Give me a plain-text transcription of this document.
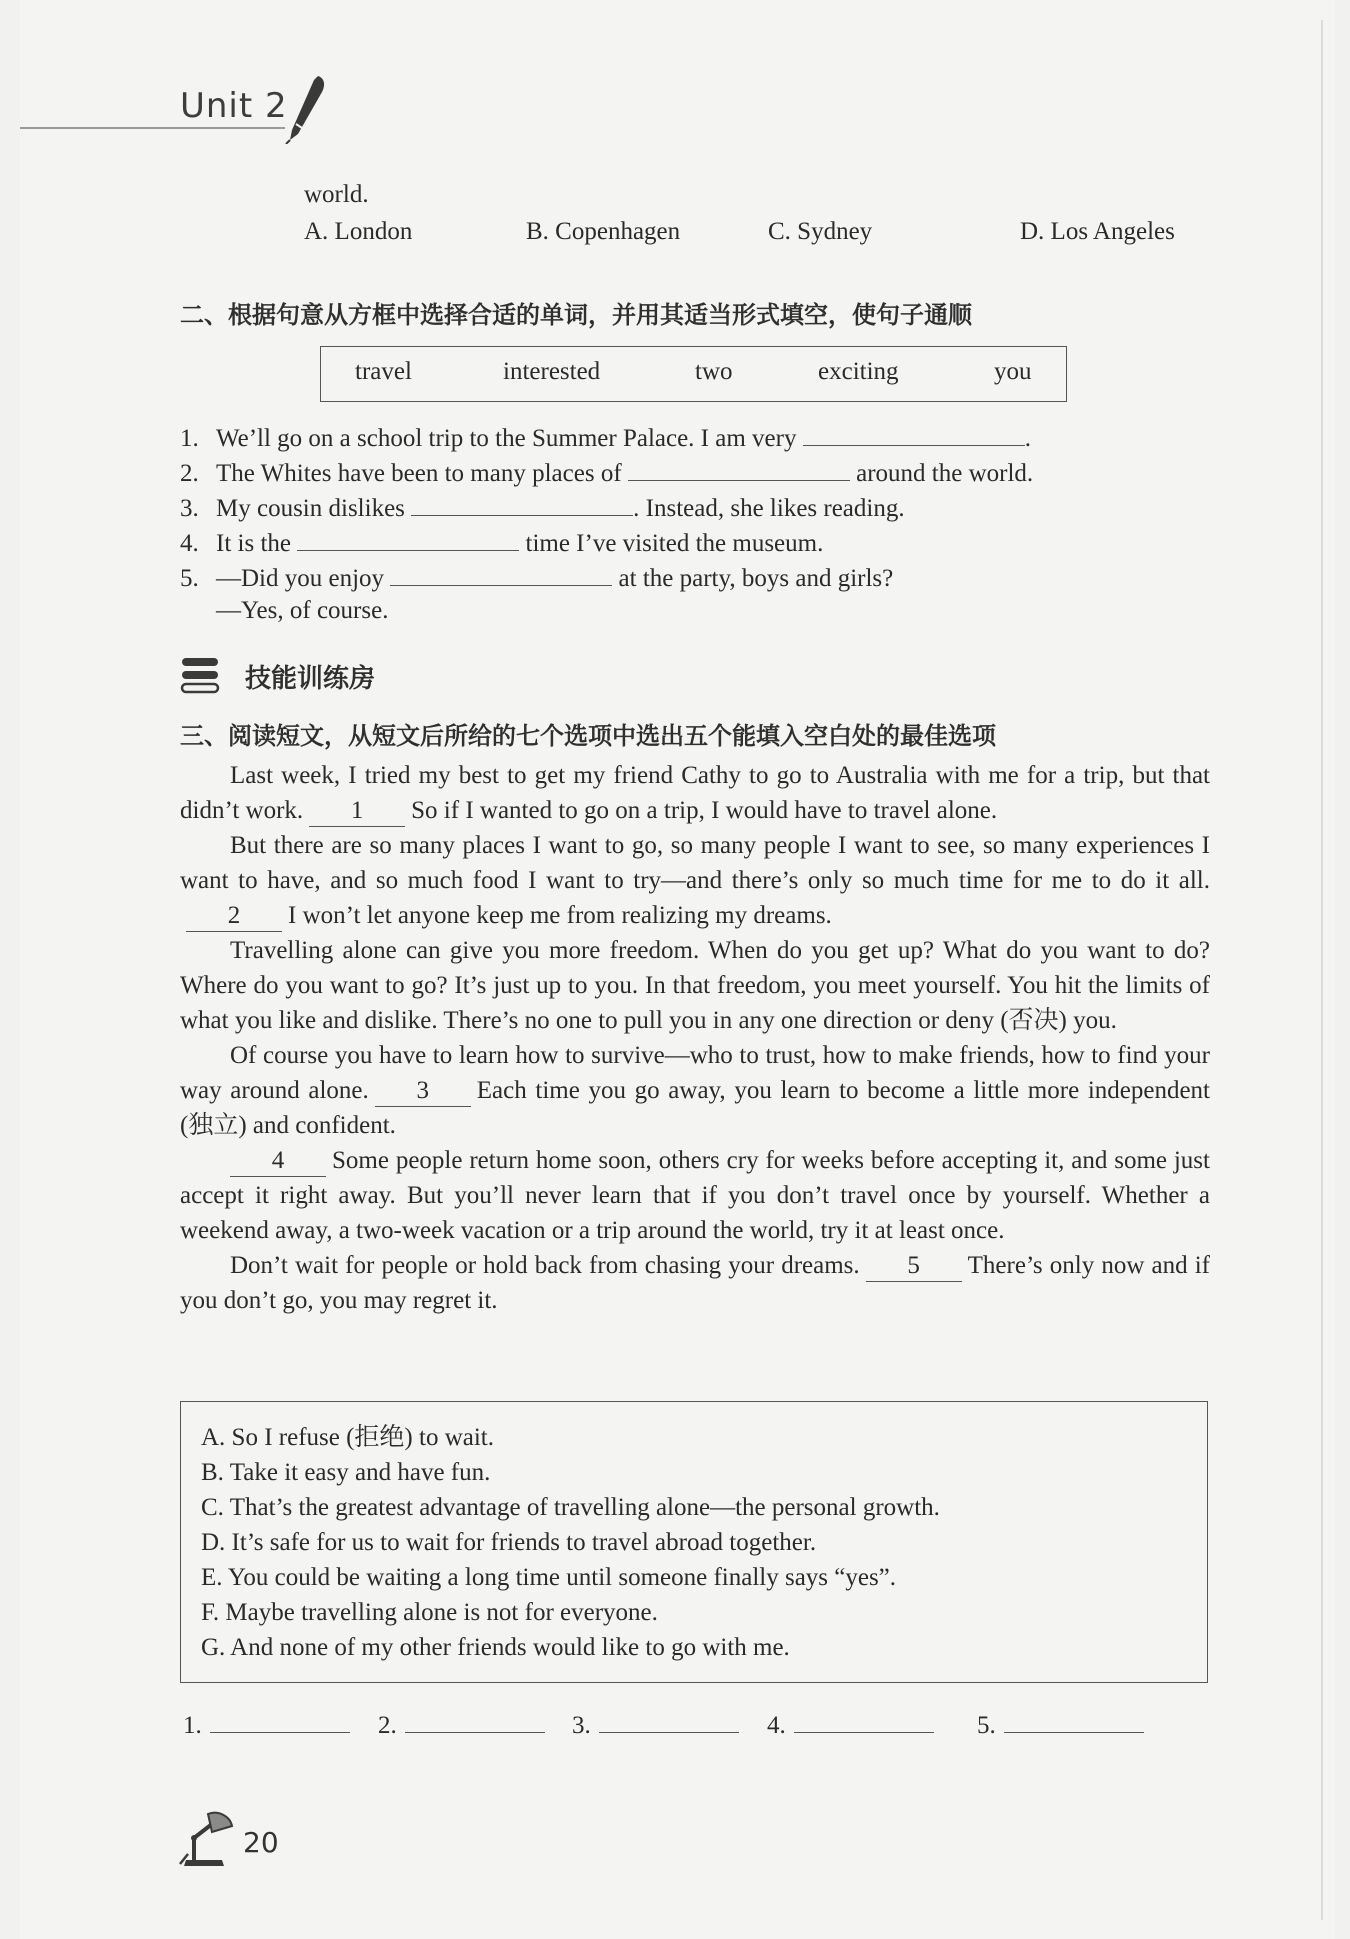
Unit 2
world.
A. London	B. Copenhagen	C. Sydney	D. Los Angeles
二、根据句意从方框中选择合适的单词，并用其适当形式填空，使句子通顺
travel	interested	two	exciting	you
1. We’ll go on a school trip to the Summer Palace. I am very	.
2. The Whites have been to many places of	around the world.
3. My cousin dislikes	. Instead, she likes reading.
4. It is the	time I’ve visited the museum.
5. —Did you enjoy	at the party, boys and girls?
—Yes, of course.
技能训练房
三、阅读短文，从短文后所给的七个选项中选出五个能填入空白处的最佳选项

Last week, I tried my best to get my friend Cathy to go to Australia with me for a trip, but that didn’t work. 1 So if I wanted to go on a trip, I would have to travel alone.

But there are so many places I want to go, so many people I want to see, so many experiences I want to have, and so much food I want to try—and there’s only so much time for me to do it all.2 I won’t let anyone keep me from realizing my dreams.

Travelling alone can give you more freedom. When do you get up? What do you want to do? Where do you want to go? It’s just up to you. In that freedom, you meet yourself. You hit the limits of what you like and dislike. There’s no one to pull you in any one direction or deny (否决) you.

Of course you have to learn how to survive—who to trust, how to make friends, how to find your way around alone. 3 Each time you go away, you learn to become a little more independent (独立) and confident.

4 Some people return home soon, others cry for weeks before accepting it, and some just accept it right away. But you’ll never learn that if you don’t travel once by yourself. Whether a weekend away, a two-week vacation or a trip around the world, try it at least once.

Don’t wait for people or hold back from chasing your dreams. 5 There’s only now and if you don’t go, you may regret it.

A. So I refuse (拒绝) to wait.
B. Take it easy and have fun.
C. That’s the greatest advantage of travelling alone—the personal growth.
D. It’s safe for us to wait for friends to travel abroad together.
E. You could be waiting a long time until someone finally says “yes”.
F. Maybe travelling alone is not for everyone.
G. And none of my other friends would like to go with me.
1.	2.	3.	4.	5.
20
